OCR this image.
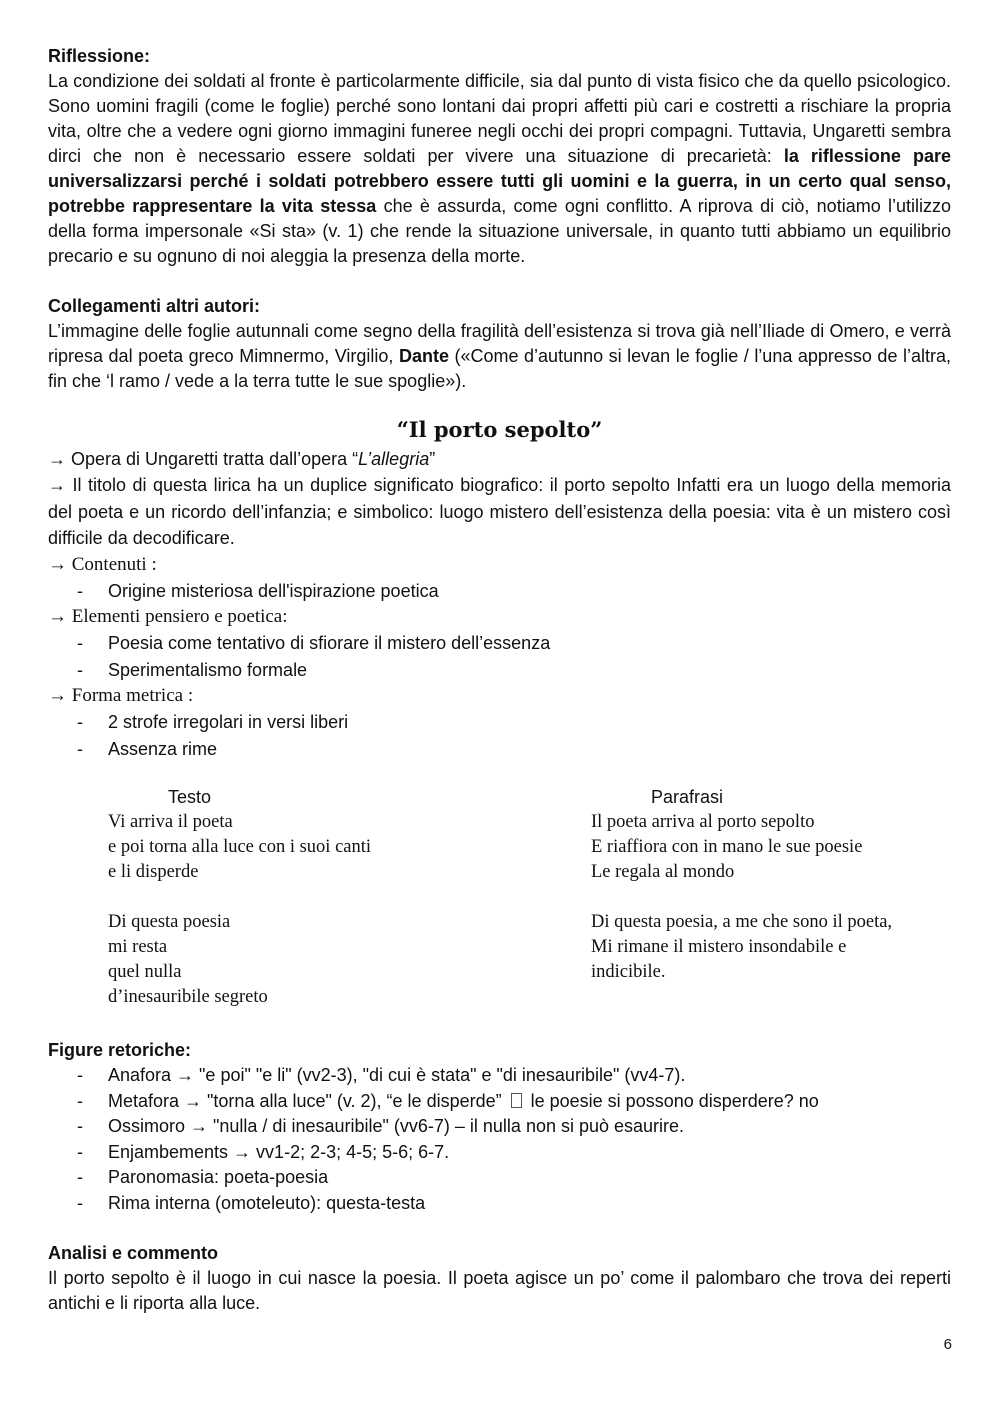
Riflessione:

La condizione dei soldati al fronte è particolarmente difficile, sia dal punto di vista fisico che da quello psicologico. Sono uomini fragili (come le foglie) perché sono lontani dai propri affetti più cari e costretti a rischiare la propria vita, oltre che a vedere ogni giorno immagini funeree negli occhi dei propri compagni. Tuttavia, Ungaretti sembra dirci che non è necessario essere soldati per vivere una situazione di precarietà: la riflessione pare universalizzarsi perché i soldati potrebbero essere tutti gli uomini e la guerra, in un certo qual senso, potrebbe rappresentare la vita stessa che è assurda, come ogni conflitto. A riprova di ciò, notiamo l’utilizzo della forma impersonale «Si sta» (v. 1) che rende la situazione universale, in quanto tutti abbiamo un equilibrio precario e su ognuno di noi aleggia la presenza della morte.

Collegamenti altri autori:

L’immagine delle foglie autunnali come segno della fragilità dell’esistenza si trova già nell’Iliade di Omero, e verrà ripresa dal poeta greco Mimnermo, Virgilio, Dante («Come d’autunno si levan le foglie / l’una appresso de l’altra, fin che ‘l ramo / vede a la terra tutte le sue spoglie»).

“Il porto sepolto”
→ Opera di Ungaretti tratta dall’opera “L’allegria”

→ Il titolo di questa lirica ha un duplice significato biografico: il porto sepolto Infatti era un luogo della memoria del poeta e un ricordo dell’infanzia; e simbolico: luogo mistero dell’esistenza della poesia: vita è un mistero così difficile da decodificare.

→ Contenuti :
- Origine misteriosa dell'ispirazione poetica
→ Elementi pensiero e poetica:
- Poesia come tentativo di sfiorare il mistero dell’essenza
- Sperimentalismo formale
→ Forma metrica :
- 2 strofe irregolari in versi liberi
- Assenza rime
Testo
Vi arriva il poeta
e poi torna alla luce con i suoi canti
e li disperde
Di questa poesia
mi resta
quel nulla
d’inesauribile segreto
Parafrasi
Il poeta arriva al porto sepolto
E riaffiora con in mano le sue poesie
Le regala al mondo
Di questa poesia, a me che sono il poeta,
Mi rimane il mistero insondabile e
indicibile.
Figure retoriche:
- Anafora → "e poi" "e li" (vv2-3), "di cui è stata" e "di inesauribile" (vv4-7).
- Metafora → "torna alla luce" (v. 2), “e le disperde”  le poesie si possono disperdere? no
- Ossimoro → "nulla / di inesauribile" (vv6-7) – il nulla non si può esaurire.
- Enjambements → vv1-2; 2-3; 4-5; 5-6; 6-7.
- Paronomasia: poeta-poesia
- Rima interna (omoteleuto): questa-testa
Analisi e commento

Il porto sepolto è il luogo in cui nasce la poesia. Il poeta agisce un po’ come il palombaro che trova dei reperti antichi e li riporta alla luce.

6
